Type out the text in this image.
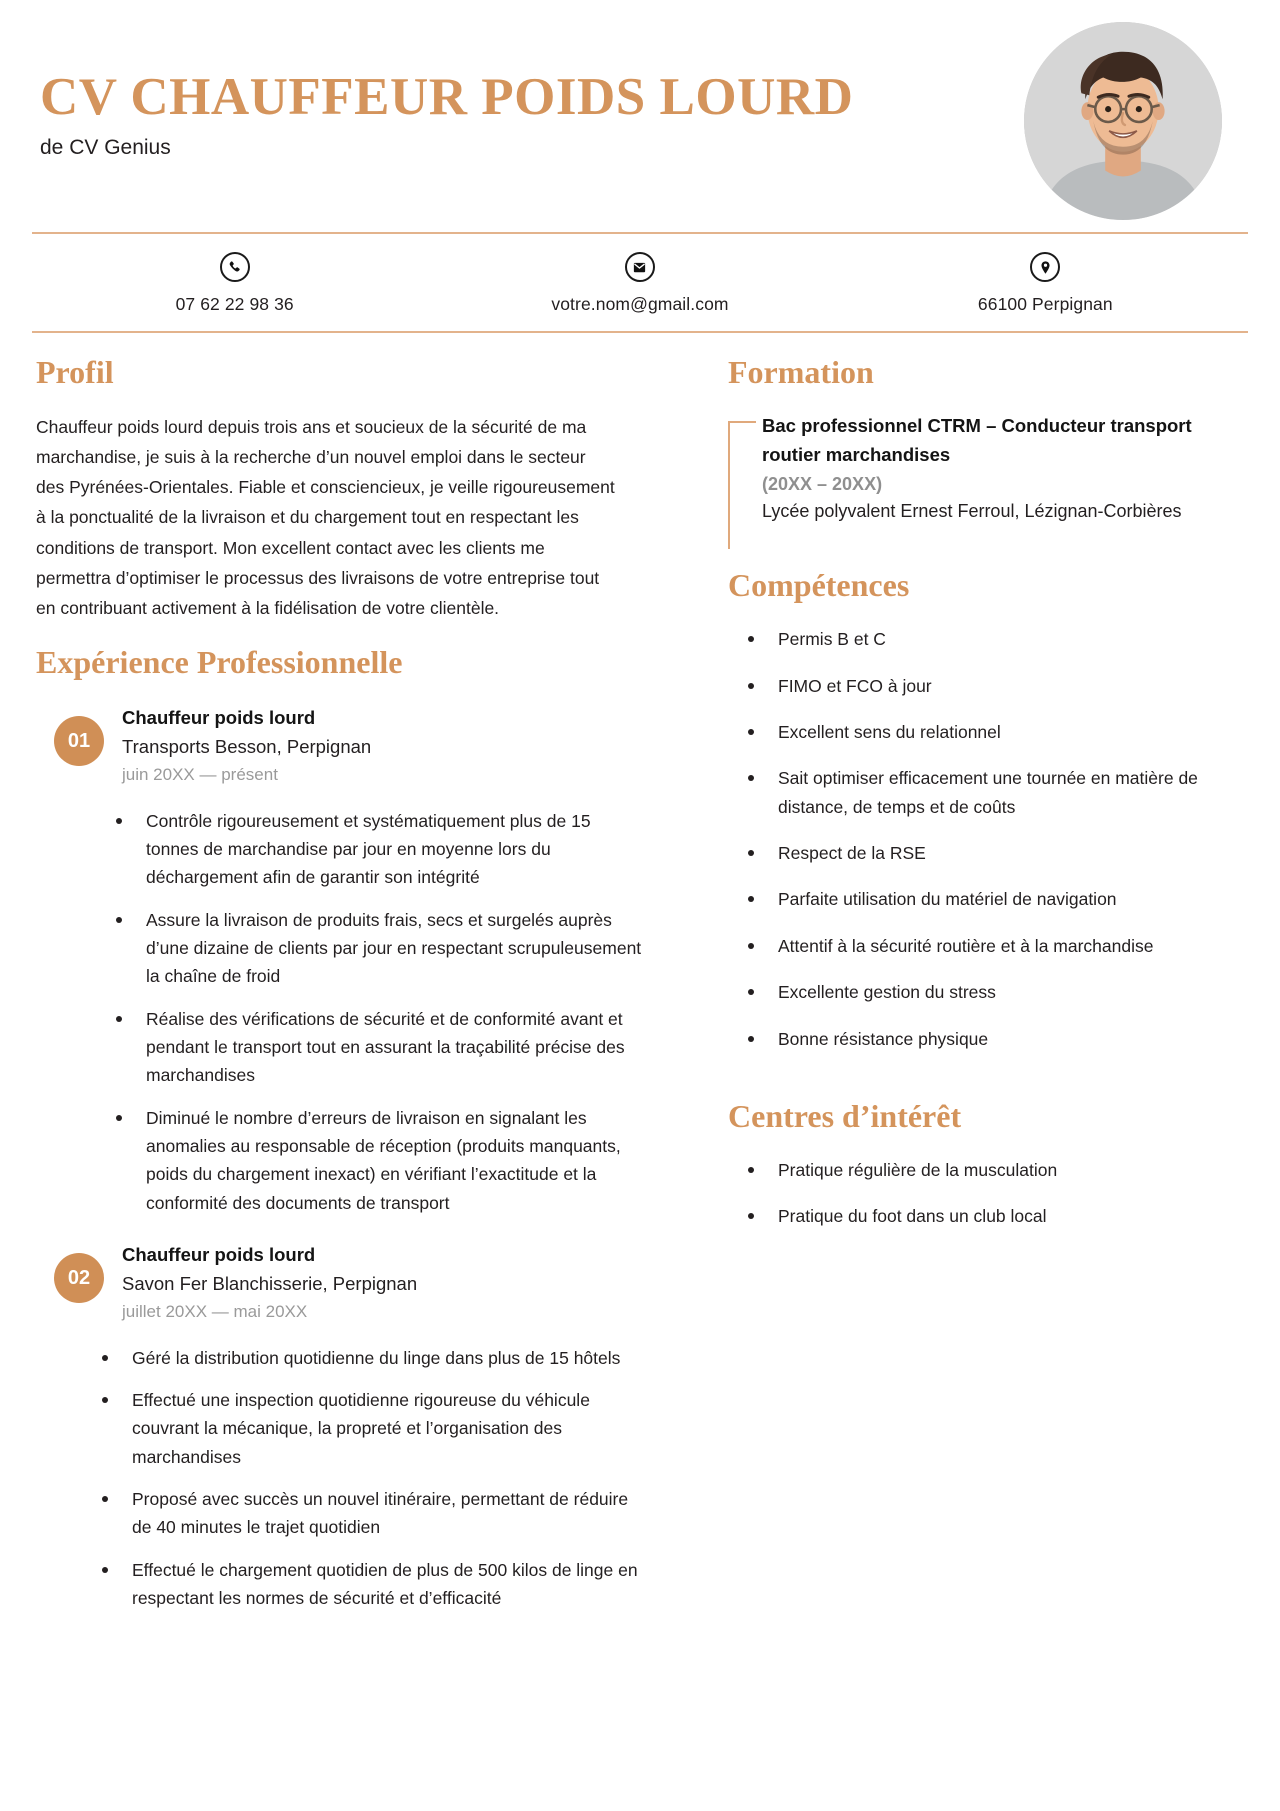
CV CHAUFFEUR POIDS LOURD
de CV Genius
07 62 22 98 36	votre.nom@gmail.com	66100 Perpignan
Profil

Chauffeur poids lourd depuis trois ans et soucieux de la sécurité de ma marchandise, je suis à la recherche d’un nouvel emploi dans le secteur des Pyrénées-Orientales. Fiable et consciencieux, je veille rigoureusement à la ponctualité de la livraison et du chargement tout en respectant les conditions de transport. Mon excellent contact avec les clients me permettra d’optimiser le processus des livraisons de votre entreprise tout en contribuant activement à la fidélisation de votre clientèle.

Expérience Professionnelle
01
Chauffeur poids lourd
Transports Besson, Perpignan
juin 20XX — présent
Contrôle rigoureusement et systématiquement plus de 15 tonnes de marchandise par jour en moyenne lors du déchargement afin de garantir son intégrité
Assure la livraison de produits frais, secs et surgelés auprès d’une dizaine de clients par jour en respectant scrupuleusement la chaîne de froid
Réalise des vérifications de sécurité et de conformité avant et pendant le transport tout en assurant la traçabilité précise des marchandises
Diminué le nombre d’erreurs de livraison en signalant les anomalies au responsable de réception (produits manquants, poids du chargement inexact) en vérifiant l’exactitude et la conformité des documents de transport
02
Chauffeur poids lourd
Savon Fer Blanchisserie, Perpignan
juillet 20XX — mai 20XX
Géré la distribution quotidienne du linge dans plus de 15 hôtels
Effectué une inspection quotidienne rigoureuse du véhicule couvrant la mécanique, la propreté et l’organisation des marchandises
Proposé avec succès un nouvel itinéraire, permettant de réduire de 40 minutes le trajet quotidien
Effectué le chargement quotidien de plus de 500 kilos de linge en respectant les normes de sécurité et d’efficacité
Formation
Bac professionnel CTRM – Conducteur transport routier marchandises
(20XX – 20XX)
Lycée polyvalent Ernest Ferroul, Lézignan-Corbières
Compétences
Permis B et C
FIMO et FCO à jour
Excellent sens du relationnel
Sait optimiser efficacement une tournée en matière de distance, de temps et de coûts
Respect de la RSE
Parfaite utilisation du matériel de navigation
Attentif à la sécurité routière et à la marchandise
Excellente gestion du stress
Bonne résistance physique
Centres d’intérêt
Pratique régulière de la musculation
Pratique du foot dans un club local
